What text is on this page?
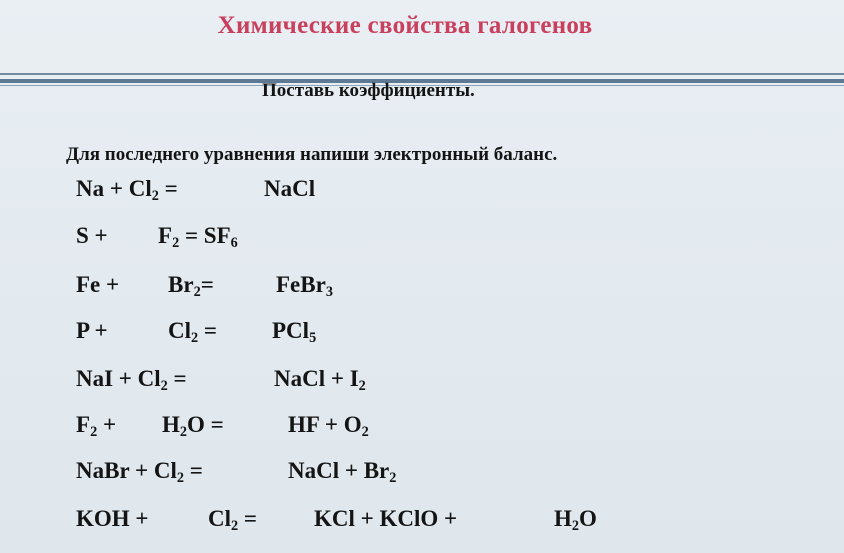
Химические свойства галогенов
Поставь коэффициенты.
Для последнего уравнения напиши электронный баланс.
$Na + Cl_2$ =	NaCl
$S + F_2 = SF_6$
$Fe + Br_2=$	FeBr$_3$
P +	$Cl_2 = PCl_5$
NaI + $Cl_2$ =	NaCl + $I_2$
$F_2 + H_2O$ =	HF + $O_2$
NaBr + $Cl_2$ =	NaCl + $Br_2$
KOH +	$Cl_2$ = KCl + KClO +	$H_2O$
